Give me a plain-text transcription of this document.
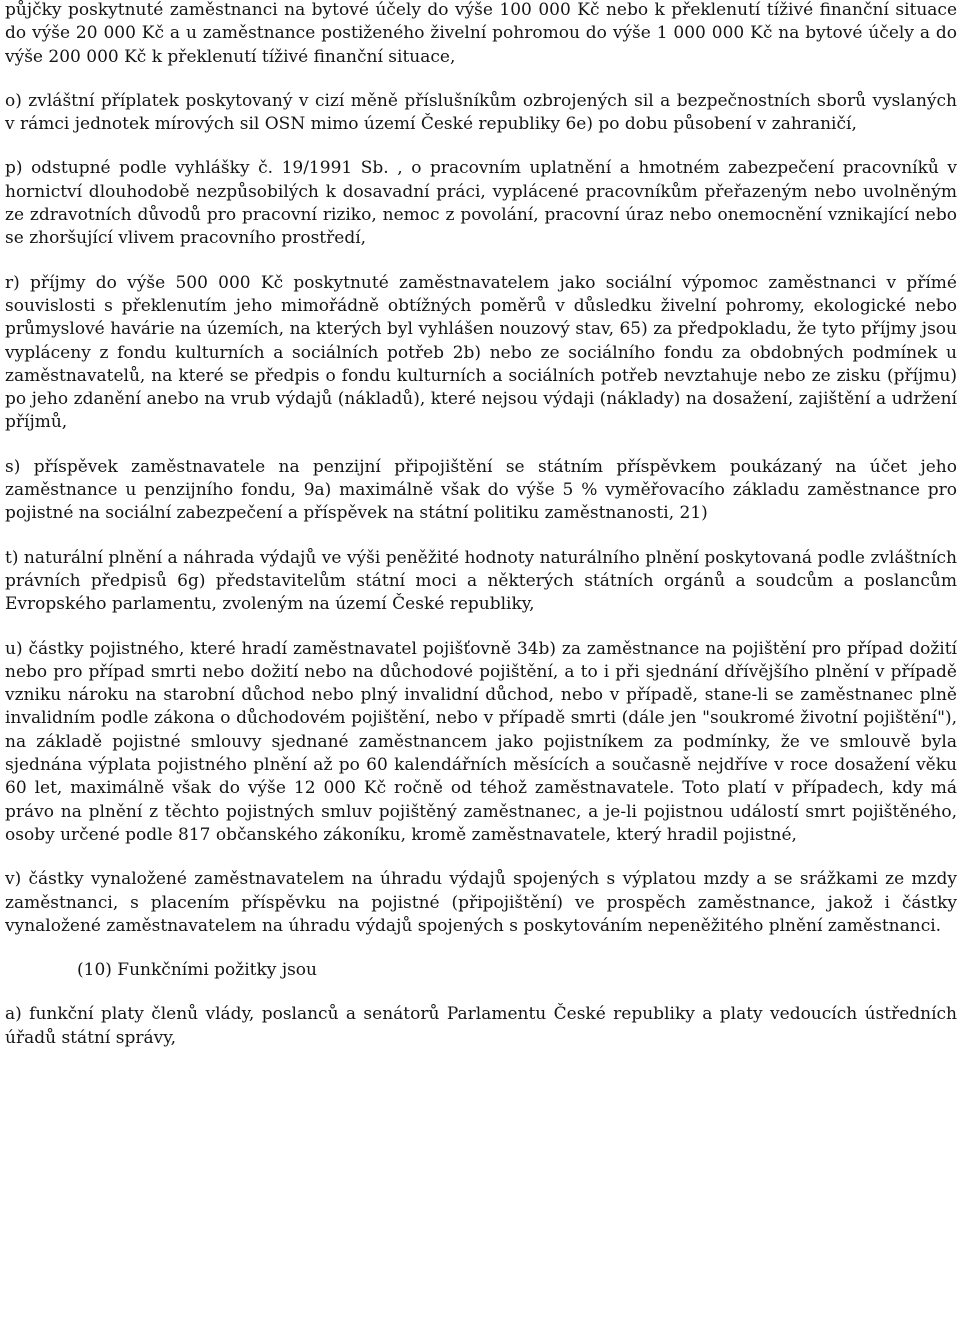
půjčky poskytnuté zaměstnanci na bytové účely do výše 100 000 Kč nebo k překlenutí tíživé finanční situace do výše 20 000 Kč a u zaměstnance postiženého živelní pohromou do výše 1 000 000 Kč na bytové účely a do výše 200 000 Kč k překlenutí tíživé finanční situace,

o) zvláštní příplatek poskytovaný v cizí měně příslušníkům ozbrojených sil a bezpečnostních sborů vyslaných v rámci jednotek mírových sil OSN mimo území České republiky 6e) po dobu působení v zahraničí,

p) odstupné podle vyhlášky č. 19/1991 Sb. , o pracovním uplatnění a hmotném zabezpečení pracovníků v hornictví dlouhodobě nezpůsobilých k dosavadní práci, vyplácené pracovníkům přeřazeným nebo uvolněným ze zdravotních důvodů pro pracovní riziko, nemoc z povolání, pracovní úraz nebo onemocnění vznikající nebo se zhoršující vlivem pracovního prostředí,

r) příjmy do výše 500 000 Kč poskytnuté zaměstnavatelem jako sociální výpomoc zaměstnanci v přímé souvislosti s překlenutím jeho mimořádně obtížných poměrů v důsledku živelní pohromy, ekologické nebo průmyslové havárie na územích, na kterých byl vyhlášen nouzový stav, 65) za předpokladu, že tyto příjmy jsou vypláceny z fondu kulturních a sociálních potřeb 2b) nebo ze sociálního fondu za obdobných podmínek u zaměstnavatelů, na které se předpis o fondu kulturních a sociálních potřeb nevztahuje nebo ze zisku (příjmu) po jeho zdanění anebo na vrub výdajů (nákladů), které nejsou výdaji (náklady) na dosažení, zajištění a udržení příjmů,

s) příspěvek zaměstnavatele na penzijní připojištění se státním příspěvkem poukázaný na účet jeho zaměstnance u penzijního fondu, 9a) maximálně však do výše 5 % vyměřovacího základu zaměstnance pro pojistné na sociální zabezpečení a příspěvek na státní politiku zaměstnanosti, 21)

t) naturální plnění a náhrada výdajů ve výši peněžité hodnoty naturálního plnění poskytovaná podle zvláštních právních předpisů 6g) představitelům státní moci a některých státních orgánů a soudcům a poslancům Evropského parlamentu, zvoleným na území České republiky,

u) částky pojistného, které hradí zaměstnavatel pojišťovně 34b) za zaměstnance na pojištění pro případ dožití nebo pro případ smrti nebo dožití nebo na důchodové pojištění, a to i při sjednání dřívějšího plnění v případě vzniku nároku na starobní důchod nebo plný invalidní důchod, nebo v případě, stane-li se zaměstnanec plně invalidním podle zákona o důchodovém pojištění, nebo v případě smrti (dále jen "soukromé životní pojištění"), na základě pojistné smlouvy sjednané zaměstnancem jako pojistníkem za podmínky, že ve smlouvě byla sjednána výplata pojistného plnění až po 60 kalendářních měsících a současně nejdříve v roce dosažení věku 60 let, maximálně však do výše 12 000 Kč ročně od téhož zaměstnavatele. Toto platí v případech, kdy má právo na plnění z těchto pojistných smluv pojištěný zaměstnanec, a je-li pojistnou událostí smrt pojištěného, osoby určené podle 817 občanského zákoníku, kromě zaměstnavatele, který hradil pojistné,

v) částky vynaložené zaměstnavatelem na úhradu výdajů spojených s výplatou mzdy a se srážkami ze mzdy zaměstnanci, s placením příspěvku na pojistné (připojištění) ve prospěch zaměstnance, jakož i částky vynaložené zaměstnavatelem na úhradu výdajů spojených s poskytováním nepeněžitého plnění zaměstnanci.

(10) Funkčními požitky jsou

a) funkční platy členů vlády, poslanců a senátorů Parlamentu České republiky a platy vedoucích ústředních úřadů státní správy,
